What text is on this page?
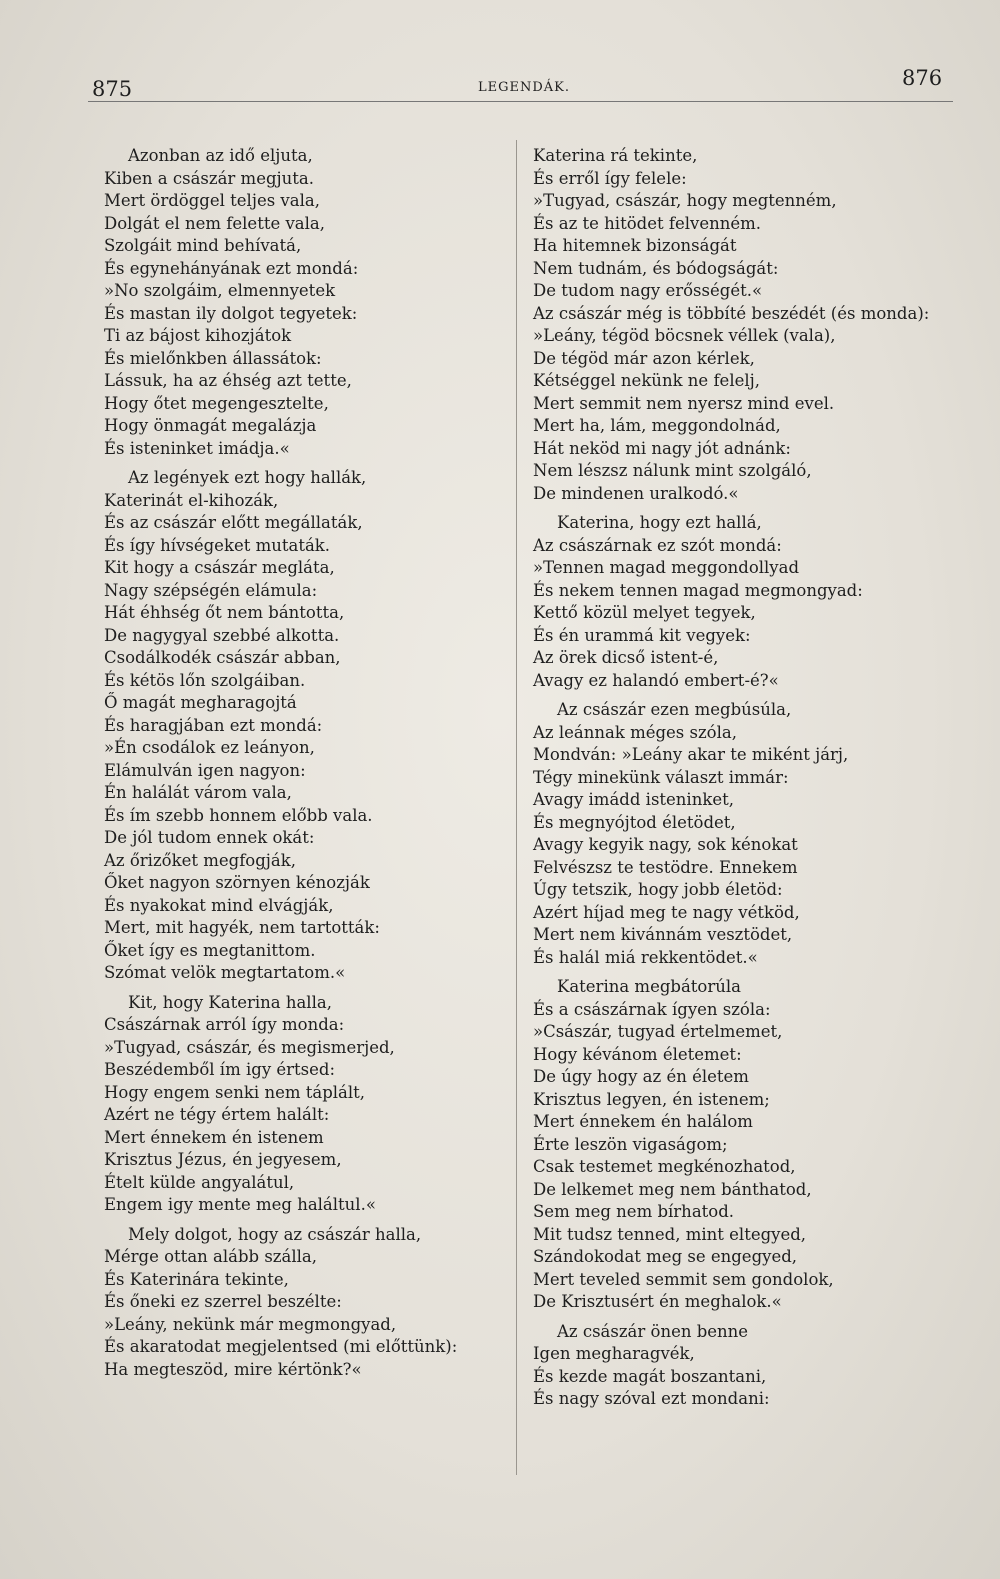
875	LEGENDÁK.	876
Azonban az idő eljuta,
Kiben a császár megjuta.
Mert ördöggel teljes vala,
Dolgát el nem felette vala,
Szolgáit mind behívatá,
És egynehányának ezt mondá:
»No szolgáim, elmennyetek
És mastan ily dolgot tegyetek:
Ti az bájost kihozjátok
És mielőnkben állassátok:
Lássuk, ha az éhség azt tette,
Hogy őtet megengesztelte,
Hogy önmagát megalázja
És isteninket imádja.«
Az legények ezt hogy hallák,
Katerinát el-kihozák,
És az császár előtt megállaták,
És így hívségeket mutaták.
Kit hogy a császár megláta,
Nagy szépségén elámula:
Hát éhhség őt nem bántotta,
De nagygyal szebbé alkotta.
Csodálkodék császár abban,
És kétös lőn szolgáiban.
Ő magát megharagojtá
És haragjában ezt mondá:
»Én csodálok ez leányon,
Elámulván igen nagyon:
Én halálát várom vala,
És ím szebb honnem előbb vala.
De jól tudom ennek okát:
Az őrizőket megfogják,
Őket nagyon szörnyen kénozják
És nyakokat mind elvágják,
Mert, mit hagyék, nem tartották:
Őket így es megtanittom.
Szómat velök megtartatom.«
Kit, hogy Katerina halla,
Császárnak arról így monda:
»Tugyad, császár, és megismerjed,
Beszédemből ím igy értsed:
Hogy engem senki nem táplált,
Azért ne tégy értem halált:
Mert énnekem én istenem
Krisztus Jézus, én jegyesem,
Ételt külde angyalátul,
Engem igy mente meg haláltul.«
Mely dolgot, hogy az császár halla,
Mérge ottan alább szálla,
És Katerinára tekinte,
És őneki ez szerrel beszélte:
»Leány, nekünk már megmongyad,
És akaratodat megjelentsed (mi előttünk):
Ha megteszöd, mire kértönk?«
Katerina rá tekinte,
És erről így felele:
»Tugyad, császár, hogy megtenném,
És az te hitödet felvenném.
Ha hitemnek bizonságát
Nem tudnám, és bódogságát:
De tudom nagy erősségét.«
Az császár még is többíté beszédét (és monda):
»Leány, tégöd böcsnek véllek (vala),
De tégöd már azon kérlek,
Kétséggel nekünk ne felelj,
Mert semmit nem nyersz mind evel.
Mert ha, lám, meggondolnád,
Hát neköd mi nagy jót adnánk:
Nem lészsz nálunk mint szolgáló,
De mindenen uralkodó.«
Katerina, hogy ezt hallá,
Az császárnak ez szót mondá:
»Tennen magad meggondollyad
És nekem tennen magad megmongyad:
Kettő közül melyet tegyek,
És én urammá kit vegyek:
Az örek dicső istent-é,
Avagy ez halandó embert-é?«
Az császár ezen megbúsúla,
Az leánnak méges szóla,
Mondván: »Leány akar te miként járj,
Tégy minekünk választ immár:
Avagy imádd isteninket,
És megnyójtod életödet,
Avagy kegyik nagy, sok kénokat
Felvészsz te testödre. Ennekem
Úgy tetszik, hogy jobb életöd:
Azért híjad meg te nagy vétköd,
Mert nem kivánnám vesztödet,
És halál miá rekkentödet.«
Katerina megbátorúla
És a császárnak ígyen szóla:
»Császár, tugyad értelmemet,
Hogy kévánom életemet:
De úgy hogy az én életem
Krisztus legyen, én istenem;
Mert énnekem én halálom
Érte leszön vigaságom;
Csak testemet megkénozhatod,
De lelkemet meg nem bánthatod,
Sem meg nem bírhatod.
Mit tudsz tenned, mint eltegyed,
Szándokodat meg se engegyed,
Mert teveled semmit sem gondolok,
De Krisztusért én meghalok.«
Az császár önen benne
Igen megharagvék,
És kezde magát boszantani,
És nagy szóval ezt mondani:
